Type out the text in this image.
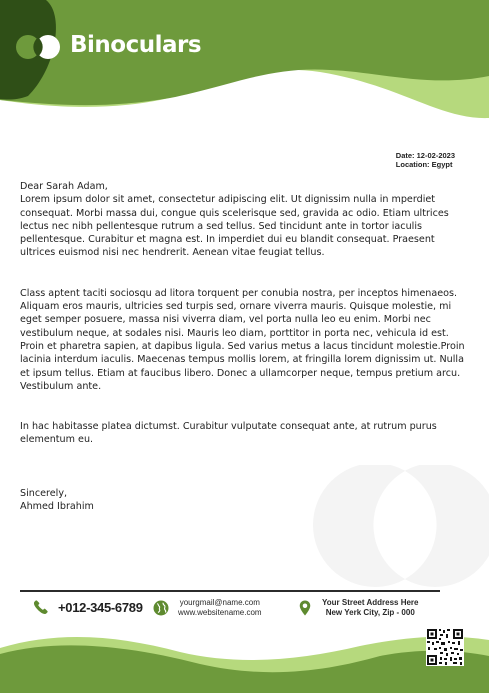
Binoculars
Date: 12-02-2023
Location: Egypt

Dear Sarah Adam,

Lorem ipsum dolor sit amet, consectetur adipiscing elit. Ut dignissim nulla in mperdiet consequat. Morbi massa dui, congue quis scelerisque sed, gravida ac odio. Etiam ultrices lectus nec nibh pellentesque rutrum a sed tellus. Sed tincidunt ante in tortor iaculis pellentesque. Curabitur et magna est. In imperdiet dui eu blandit consequat. Praesent ultrices euismod nisi nec hendrerit. Aenean vitae feugiat tellus.

Class aptent taciti sociosqu ad litora torquent per conubia nostra, per inceptos himenaeos. Aliquam eros mauris, ultricies sed turpis sed, ornare viverra mauris. Quisque molestie, mi eget semper posuere, massa nisi viverra diam, vel porta nulla leo eu enim. Morbi nec vestibulum neque, at sodales nisi. Mauris leo diam, porttitor in porta nec, vehicula id est. Proin et pharetra sapien, at dapibus ligula. Sed varius metus a lacus tincidunt molestie.Proin lacinia interdum iaculis. Maecenas tempus mollis lorem, at fringilla lorem dignissim ut. Nulla et ipsum tellus. Etiam at faucibus libero. Donec a ullamcorper neque, tempus pretium arcu. Vestibulum ante.

In hac habitasse platea dictumst. Curabitur vulputate consequat ante, at rutrum purus elementum eu.

Sincerely,

Ahmed Ibrahim

+012-345-6789	yourgmail@name.com
www.websitename.com
Your Street Address Here
New Yerk City, Zip - 000
